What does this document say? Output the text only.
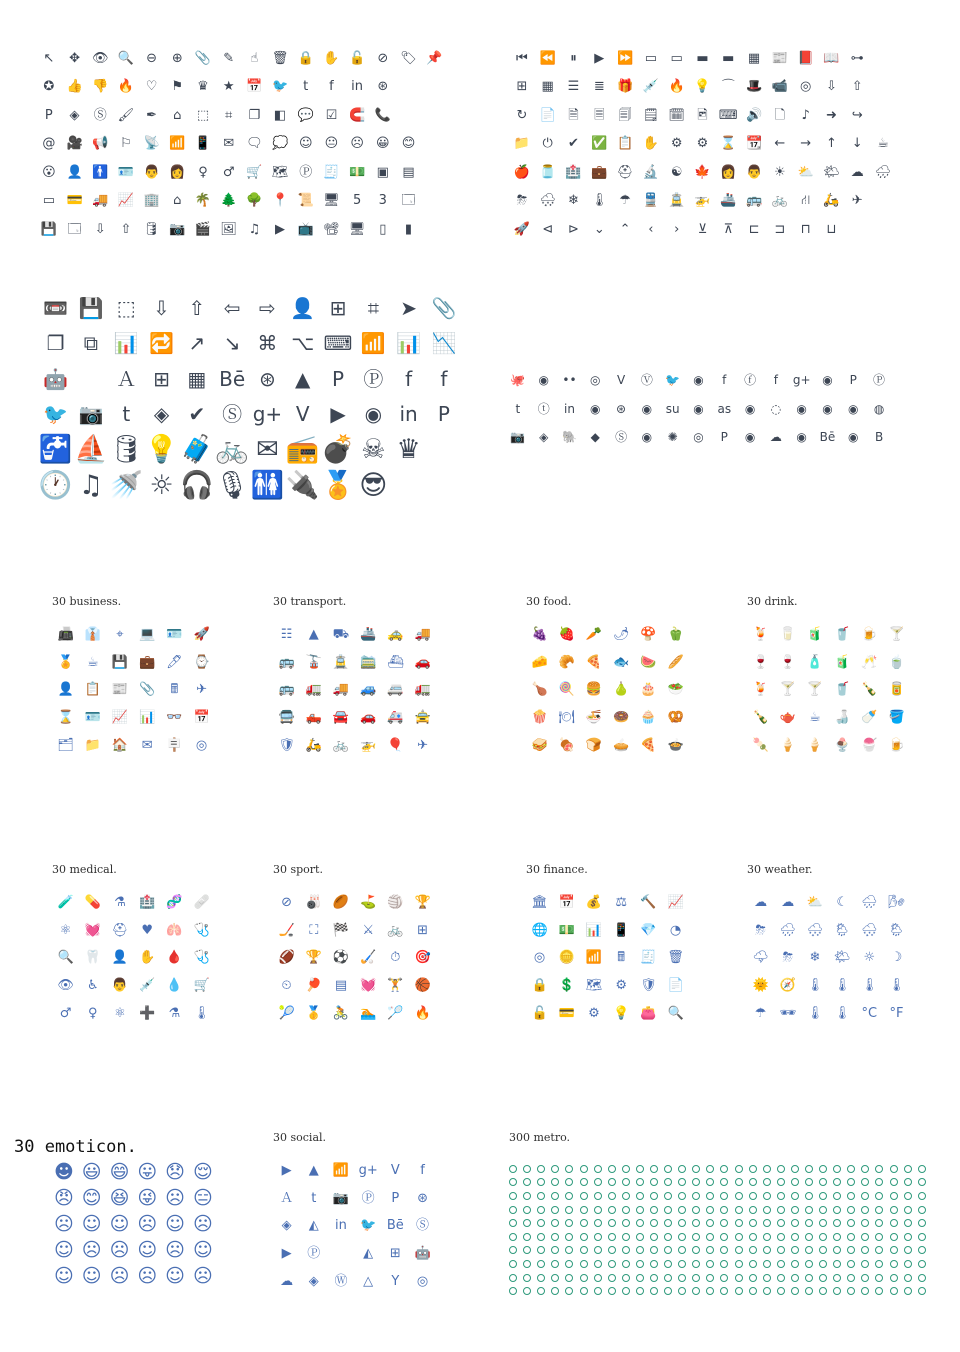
↖ ✥ 👁 🔍 ⊖ ⊕ 📎 ✎ ☝ 🗑 🔒 ✋ 🔓 ⊘ 🏷 📌
✪ 👍 👎 🔥 ♡ ⚑ ♛ ★ 📅 🐦 t f in ⊛
P ◈ Ⓢ 🖌 ✒ ⌂ ⬚ ⌗ ❐ ◧ 💬 ☑ 🧲 📞
@ 🎥 📢 ⚐ 📡 📶 📱 ✉ 🗨 💭 ☺ 😐 ☹ 😀 😊
😮 👤 🚹 🪪 👨 👩 ♀ ♂ 🛒 🗺 Ⓟ 🧾 💵 ▣ ▤
▭ 💳 🚚 📈 🏢 ⌂ 🌴 🌲 🌳 📍 📜 🖥 5 3 🗔
💾 🗔 ⇩ ⇧ 🛢 📷 🎬 🖼 ♫ ▶ 📺 📽 🖥 ▯ ▮
⏮ ⏪ ⏸ ▶ ⏩ ▭ ▭ ▬ ▬ ▦ 📰 📕 📖 ⊶
⊞ ▦ ☰ ≣ 🎁 💉 🔥 💡 ⌒ 🎩 📹 ◎ ⇩ ⇧
↻ 📄 🗎 🗏 🗐 🗒 🗓 🖻 ⌨ 🔊 🗋 ♪ ➜ ↪
📁 ⏻ ✔ ✅ 📋 ✋ ⚙ ⚙ ⌛ 📆 ← → ↑ ↓ ☕
🍎 🫙 🏥 💼 ⛑ 🔬 ☯ 🍁 👩 👨 ☀ ⛅ 🌤 ☁ 🌧
⛈ 🌨 ❄ 🌡 ☂ 🚆 🚊 🚁 🚢 🚌 🚲 ⛙ 🛵 ✈
🚀 ⊲ ⊳ ⌄ ⌃ ‹ › ⊻ ⊼ ⊏ ⊐ ⊓ ⊔
📼 💾 ⬚ ⇩ ⇧ ⇦ ⇨ 👤 ⊞ ⌗ ➤ 📎
❐ ⧉ 📊 🔁 ↗ ↘ ⌘ ⌥ ⌨ 📶 📊 📉
🤖 Ａ ⊞ ▦ Bē ⊛ ▲ P Ⓟ f f
🐦 📷 t ◈ ✔ Ⓢ g+ V ▶ ◉ in P
🚰 ⛵ 🛢 💡 🧳 🚲 ✉ 📻 💣 ☠ ♛
🕐 ♫ 🚿 ☼ 🎧 🎙 🚻 🔌 🏅 😎
🐙 ◉ •• ◎ V Ⓥ 🐦 ◉ f ⓕ f g+ ◉ P Ⓟ
t ⓣ in ◉ ⊛ ◉ su ◉ as ◉ ◌ ◉ ◉ ◉ ◍
📷 ◈ 🐘 ◆ Ⓢ ◉ ✺ ◎ P ◉ ☁ ◉ Bē ◉ B
30 business.
📠 👔 ⌖ 💻 🪪 🚀
🏅 ☕ 💾 💼 🖊 ⌚
👤 📋 📰 📎 🖩 ✈
⌛ 🪪 📈 📊 👓 📅
🗂 📁 🏠 ✉ 🪧 ◎
30 transport.
☷ ▲ ⛟ 🚢 🚕 🚚
🚌 🚡 🚊 🚞 ⛴ 🚗
🚌 🚛 🚚 🚙 🚐 🚛
🚍 🛻 🚘 🚗 🚑 🚖
🛡 🛵 🚲 🚁 🎈 ✈
30 food.
🍇 🍓 🥕 🌶 🍄 🫑
🧀 🥐 🍕 🐟 🍉 🥖
🍗 🍭 🍔 🍐 🎂 🥗
🍿 🍽 🍜 🍩 🧁 🥨
🥪 🍖 🍞 🥧 🍕 🍲
30 drink.
🍹 🥛 🧃 🥤 🍺 🍸
🍷 🍷 🧴 🧃 🥂 🍵
🍹 🍸 🍸 🥤 🍾 🥫
🍾 🫖 ☕ 🍶 🍼 🪣
🍡 🍦 🍦 🍨 🍧 🍺
30 medical.
🧪 💊 ⚗ 🏥 🧬 🩹
⚛ 💓 ⛑ ♥ 🫁 🩺
🔍 🦷 👤 ✋ 🩸 🩺
👁 ♿ 👨 💉 💧 🛒
♂ ♀ ⚛ ➕ ⚗ 🌡
30 sport.
⊘ 🎳 🏉 ⛳ 🏐 🏆
🏒 ⛶ 🏁 ⚔ 🚲 ⊞
🏈 🏆 ⚽ 🏑 ⏱ 🎯
⏲ 🏓 ▤ 💓 🏋 🏀
🎾 🥇 🚴 🏊 🏸 🔥
30 finance.
🏛 📅 💰 ⚖ 🔨 📈
🌐 💵 📊 📱 💎 ◔
◎ 🪙 📶 🖩 🧾 🗑
🔒 💲 🗺 ⚙ 🛡 📄
🔓 💳 ⚙ 💡 👛 🔍
30 weather.
☁ ☁ ⛅ ☾ 🌧 🌬
⛈ 🌧 🌨 🌦 🌨 🌦
🌩 ⛈ ❄ 🌤 ☼ ☽
🌞 🧭 🌡 🌡 🌡 🌡
☂ 🕶 🌡 🌡 °C °F
30 emoticon.
☻ 😃 😄 😛 😞 😌
😠 😊 😆 😜 ☹ 😑
☹ ☺ ☺ ☹ ☺ ☹
☺ ☹ ☹ ☺ ☹ ☺
☺ ☺ ☹ ☹ ☺ ☹
30 social.
▶ ▲ 📶 g+ V f
Ａ t 📷 Ⓟ P ⊛
◈ ◭ in 🐦 Bē Ⓢ
▶ Ⓟ	◭ ⊞ 🤖
☁ ◈ Ⓦ △ Y ◎
300 metro.
